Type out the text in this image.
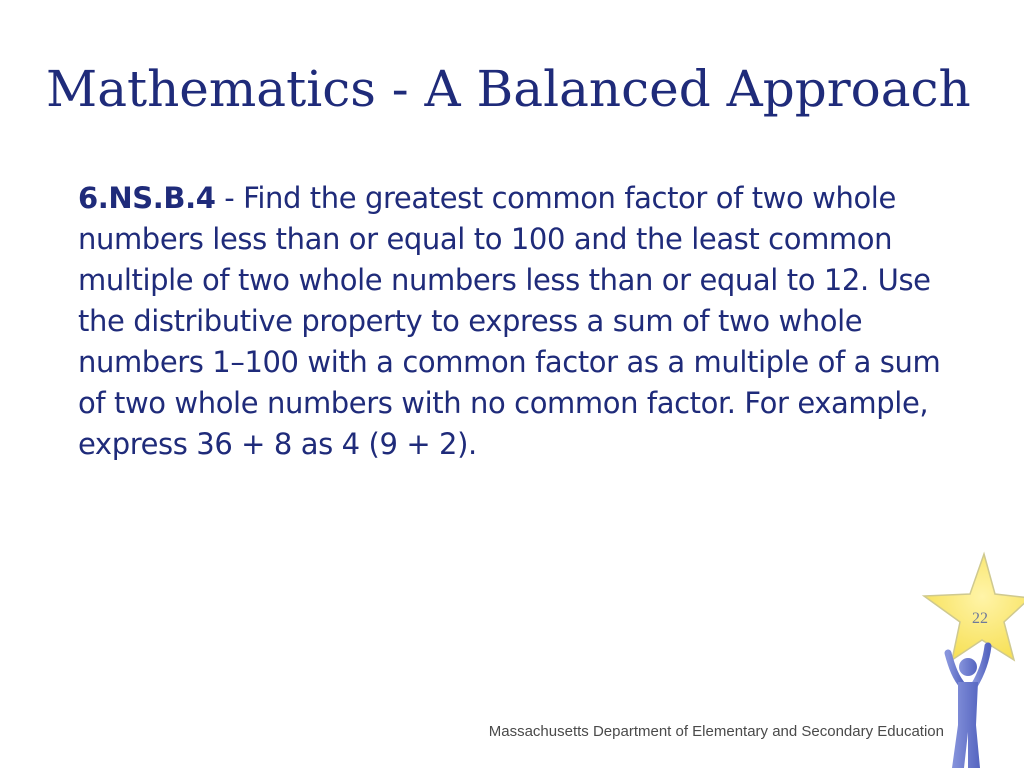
Mathematics - A Balanced Approach

6.NS.B.4 - Find the greatest common factor of two whole numbers less than or equal to 100 and the least common multiple of two whole numbers less than or equal to 12. Use the distributive property to express a sum of two whole numbers 1–100 with a common factor as a multiple of a sum of two whole numbers with no common factor. For example, express 36 + 8 as 4 (9 + 2).

22
Massachusetts Department of Elementary and Secondary Education
